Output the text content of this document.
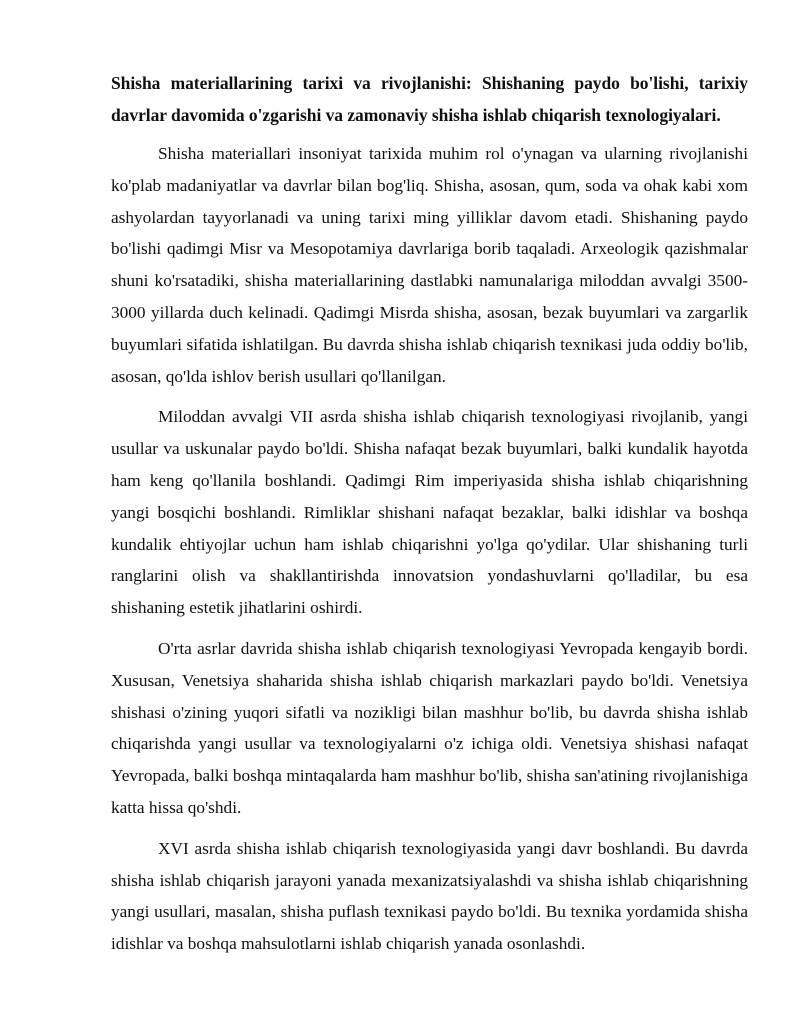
Shisha materiallarining tarixi va rivojlanishi: Shishaning paydo bo'lishi, tarixiy davrlar davomida o'zgarishi va zamonaviy shisha ishlab chiqarish texnologiyalari.

Shisha materiallari insoniyat tarixida muhim rol o'ynagan va ularning rivojlanishi ko'plab madaniyatlar va davrlar bilan bog'liq. Shisha, asosan, qum, soda va ohak kabi xom ashyolardan tayyorlanadi va uning tarixi ming yilliklar davom etadi. Shishaning paydo bo'lishi qadimgi Misr va Mesopotamiya davrlariga borib taqaladi. Arxeologik qazishmalar shuni ko'rsatadiki, shisha materiallarining dastlabki namunalariga miloddan avvalgi 3500-3000 yillarda duch kelinadi. Qadimgi Misrda shisha, asosan, bezak buyumlari va zargarlik buyumlari sifatida ishlatilgan. Bu davrda shisha ishlab chiqarish texnikasi juda oddiy bo'lib, asosan, qo'lda ishlov berish usullari qo'llanilgan.

Miloddan avvalgi VII asrda shisha ishlab chiqarish texnologiyasi rivojlanib, yangi usullar va uskunalar paydo bo'ldi. Shisha nafaqat bezak buyumlari, balki kundalik hayotda ham keng qo'llanila boshlandi. Qadimgi Rim imperiyasida shisha ishlab chiqarishning yangi bosqichi boshlandi. Rimliklar shishani nafaqat bezaklar, balki idishlar va boshqa kundalik ehtiyojlar uchun ham ishlab chiqarishni yo'lga qo'ydilar. Ular shishaning turli ranglarini olish va shakllantirishda innovatsion yondashuvlarni qo'lladilar, bu esa shishaning estetik jihatlarini oshirdi.

O'rta asrlar davrida shisha ishlab chiqarish texnologiyasi Yevropada kengayib bordi. Xususan, Venetsiya shaharida shisha ishlab chiqarish markazlari paydo bo'ldi. Venetsiya shishasi o'zining yuqori sifatli va nozikligi bilan mashhur bo'lib, bu davrda shisha ishlab chiqarishda yangi usullar va texnologiyalarni o'z ichiga oldi. Venetsiya shishasi nafaqat Yevropada, balki boshqa mintaqalarda ham mashhur bo'lib, shisha san'atining rivojlanishiga katta hissa qo'shdi.

XVI asrda shisha ishlab chiqarish texnologiyasida yangi davr boshlandi. Bu davrda shisha ishlab chiqarish jarayoni yanada mexanizatsiyalashdi va shisha ishlab chiqarishning yangi usullari, masalan, shisha puflash texnikasi paydo bo'ldi. Bu texnika yordamida shisha idishlar va boshqa mahsulotlarni ishlab chiqarish yanada osonlashdi.
